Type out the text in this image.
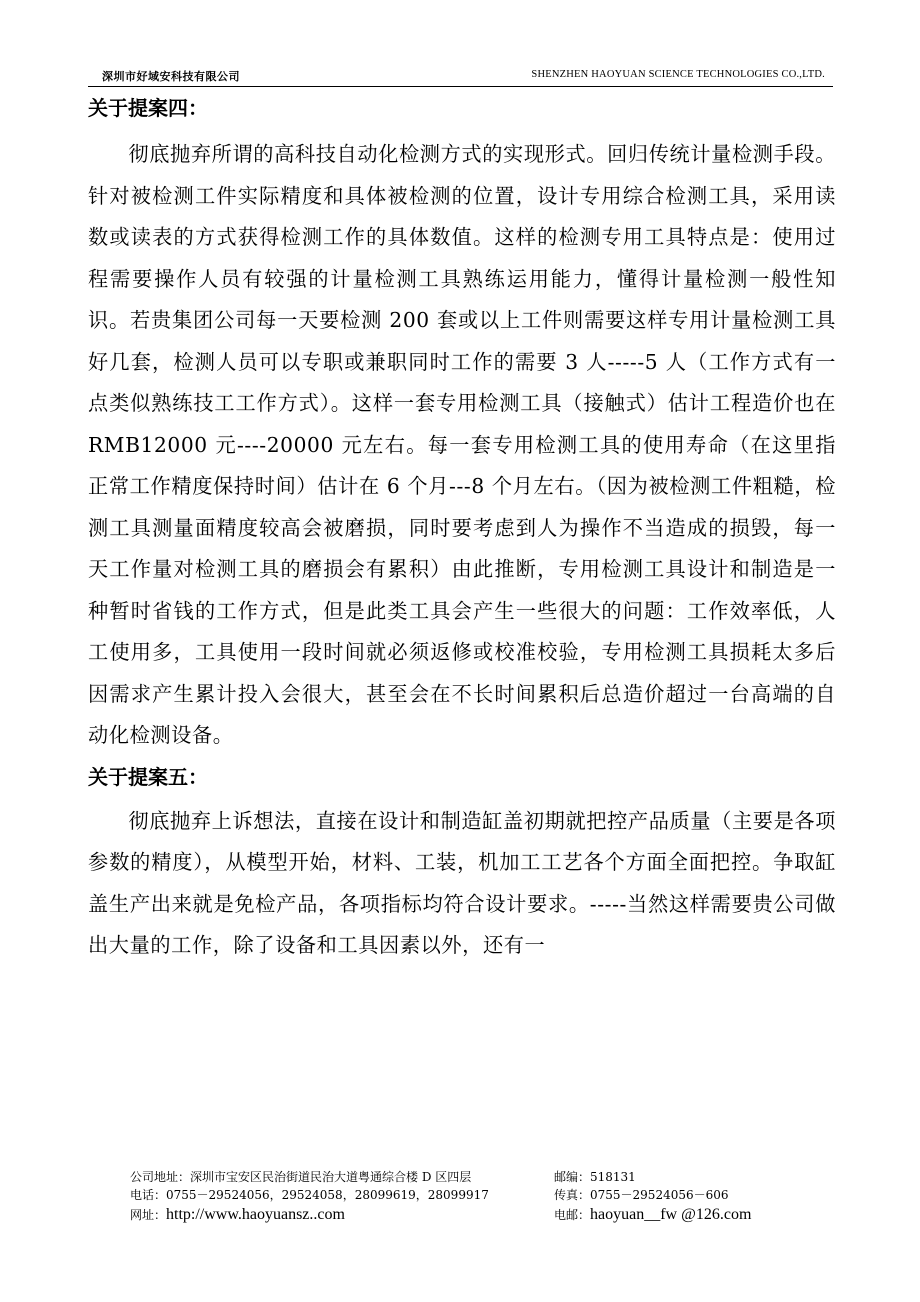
深圳市好域安科技有限公司	SHENZHEN HAOYUAN SCIENCE TECHNOLOGIES CO.,LTD.
关于提案四：

彻底抛弃所谓的高科技自动化检测方式的实现形式。回归传统计量检测手段。针对被检测工件实际精度和具体被检测的位置，设计专用综合检测工具，采用读数或读表的方式获得检测工作的具体数值。这样的检测专用工具特点是：使用过程需要操作人员有较强的计量检测工具熟练运用能力，懂得计量检测一般性知识。若贵集团公司每一天要检测 200 套或以上工件则需要这样专用计量检测工具好几套，检测人员可以专职或兼职同时工作的需要 3 人-----5 人（工作方式有一点类似熟练技工工作方式）。这样一套专用检测工具（接触式）估计工程造价也在 RMB12000 元----20000 元左右。每一套专用检测工具的使用寿命（在这里指正常工作精度保持时间）估计在 6 个月---8 个月左右。（因为被检测工件粗糙，检测工具测量面精度较高会被磨损，同时要考虑到人为操作不当造成的损毁，每一天工作量对检测工具的磨损会有累积）由此推断，专用检测工具设计和制造是一种暂时省钱的工作方式，但是此类工具会产生一些很大的问题：工作效率低，人工使用多，工具使用一段时间就必须返修或校准校验，专用检测工具损耗太多后因需求产生累计投入会很大，甚至会在不长时间累积后总造价超过一台高端的自动化检测设备。

关于提案五：

彻底抛弃上诉想法，直接在设计和制造缸盖初期就把控产品质量（主要是各项参数的精度），从模型开始，材料、工装，机加工工艺各个方面全面把控。争取缸盖生产出来就是免检产品，各项指标均符合设计要求。-----当然这样需要贵公司做出大量的工作，除了设备和工具因素以外，还有一

公司地址：深圳市宝安区民治街道民治大道粤通综合楼 D 区四层	邮编：518131
电话：0755－29524056，29524058，28099619，28099917	传真：0755－29524056－606
网址：http://www.haoyuansz..com	电邮：haoyuan__fw @126.com
